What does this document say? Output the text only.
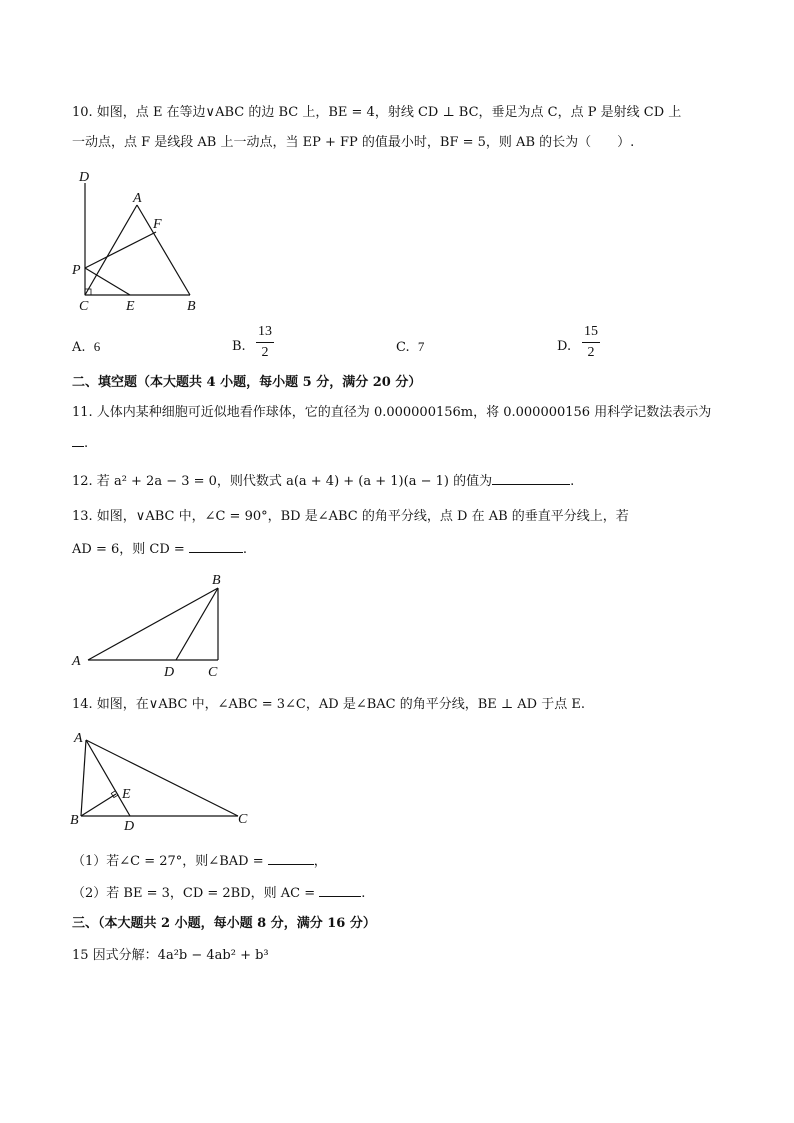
10. 如图，点 E 在等边∨ABC 的边 BC 上，BE = 4，射线 CD ⊥ BC，垂足为点 C，点 P 是射线 CD 上
一动点，点 F 是线段 AB 上一动点，当 EP + FP 的值最小时，BF = 5，则 AB 的长为（　　）.
D
A
F
P
C	E	B
A. 6	B.
13
2	C. 7	D.
15
2
二、填空题（本大题共 4 小题，每小题 5 分，满分 20 分）
11. 人体内某种细胞可近似地看作球体，它的直径为 0.000000156m，将 0.000000156 用科学记数法表示为
.
12. 若 a² + 2a − 3 = 0，则代数式 a(a + 4) + (a + 1)(a − 1) 的值为	.
13. 如图，∨ABC 中，∠C = 90°，BD 是∠ABC 的角平分线，点 D 在 AB 的垂直平分线上，若
AD = 6，则 CD =	.
B
A
D C
14. 如图，在∨ABC 中，∠ABC = 3∠C，AD 是∠BAC 的角平分线，BE ⊥ AD 于点 E.
A
E
B	D	C
（1）若∠C = 27°，则∠BAD =	，
（2）若 BE = 3，CD = 2BD，则 AC =	.
三、（本大题共 2 小题，每小题 8 分，满分 16 分）
15 因式分解：4a²b − 4ab² + b³
